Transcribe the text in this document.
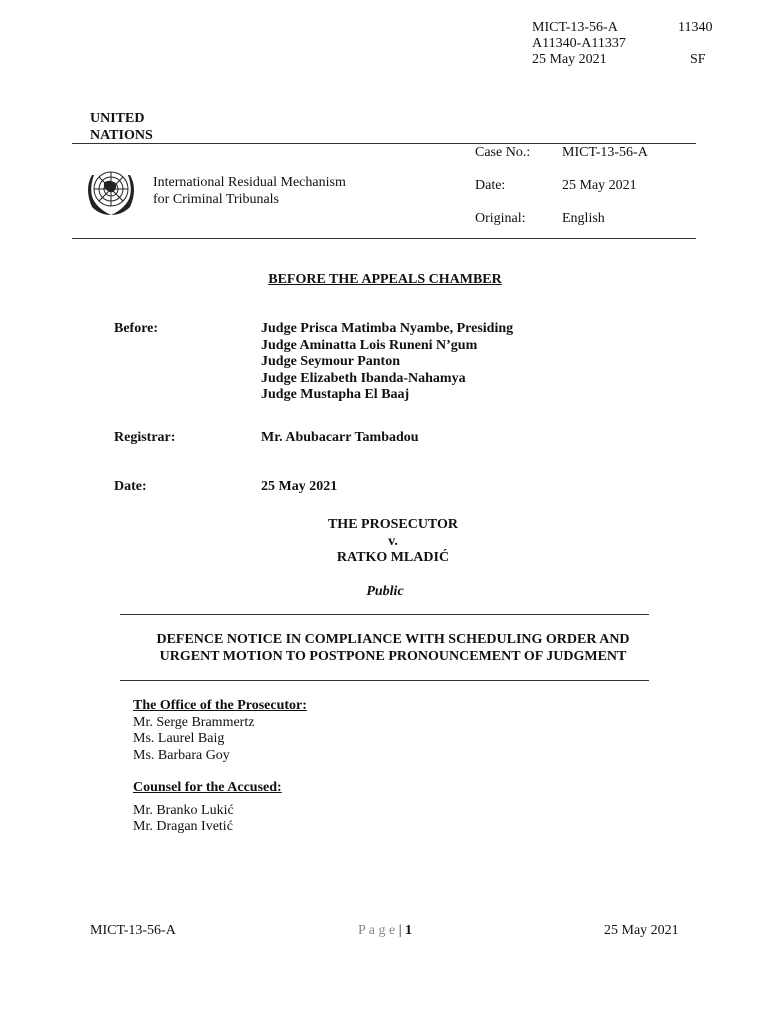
MICT-13-56-A
A11340-A11337
25 May 2021
11340
SF
UNITED
NATIONS
International Residual Mechanism
for Criminal Tribunals
Case No.: MICT-13-56-A
Date:	25 May 2021
Original:	English
BEFORE THE APPEALS CHAMBER
Before:	Judge Prisca Matimba Nyambe, Presiding
Judge Aminatta Lois Runeni N’gum
Judge Seymour Panton
Judge Elizabeth Ibanda-Nahamya
Judge Mustapha El Baaj
Registrar:	Mr. Abubacarr Tambadou
Date:	25 May 2021
THE PROSECUTOR
v.
RATKO MLADIĆ
Public
DEFENCE NOTICE IN COMPLIANCE WITH SCHEDULING ORDER AND
URGENT MOTION TO POSTPONE PRONOUNCEMENT OF JUDGMENT
The Office of the Prosecutor:
Mr. Serge Brammertz
Ms. Laurel Baig
Ms. Barbara Goy
Counsel for the Accused:
Mr. Branko Lukić
Mr. Dragan Ivetić
MICT-13-56-A	P a g e | 1	25 May 2021
